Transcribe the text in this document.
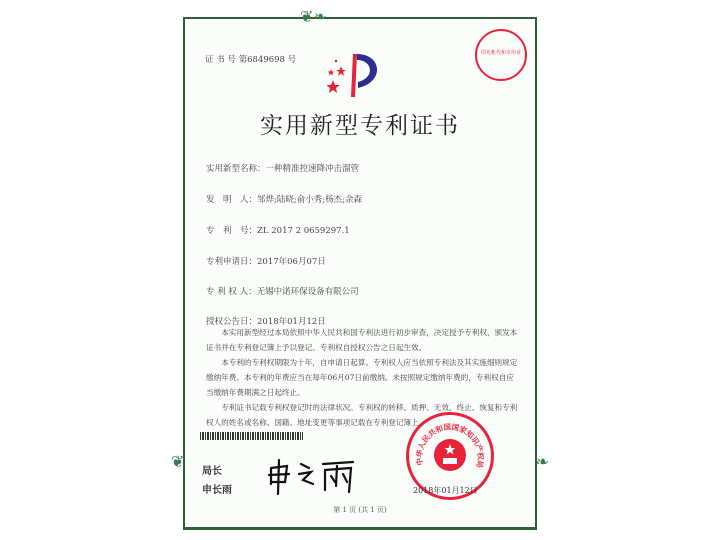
❦❧
❦	❧
证 书 号 第6849698 号
印兆帐代和专用章
实用新型专利证书
实用新型名称：一种精准控速降冲击溜管
发　明　人：邹烨;陆晓;俞小秀;杨杰;余森
专　利　号：ZL 2017 2 0659297.1
专利申请日：2017年06月07日
专 利 权 人：无锡中诺环保设备有限公司
授权公告日：2018年01月12日

本实用新型经过本局依照中华人民共和国专利法进行初步审查，决定授予专利权，颁发本证书并在专利登记簿上予以登记。专利权自授权公告之日起生效。

本专利的专利权期限为十年，自申请日起算。专利权人应当依照专利法及其实施细则规定缴纳年费。本专利的年费应当在每年06月07日前缴纳。未按照规定缴纳年费的，专利权自应当缴纳年费期满之日起终止。

专利证书记载专利权登记时的法律状况。专利权的转移、质押、无效、终止、恢复和专利权人的姓名或名称、国籍、地址变更等事项记载在专利登记簿上。

局长
申长雨
中华人民共和国国家知识产权局
2018年01月12日
第 1 页 (共 1 页)
